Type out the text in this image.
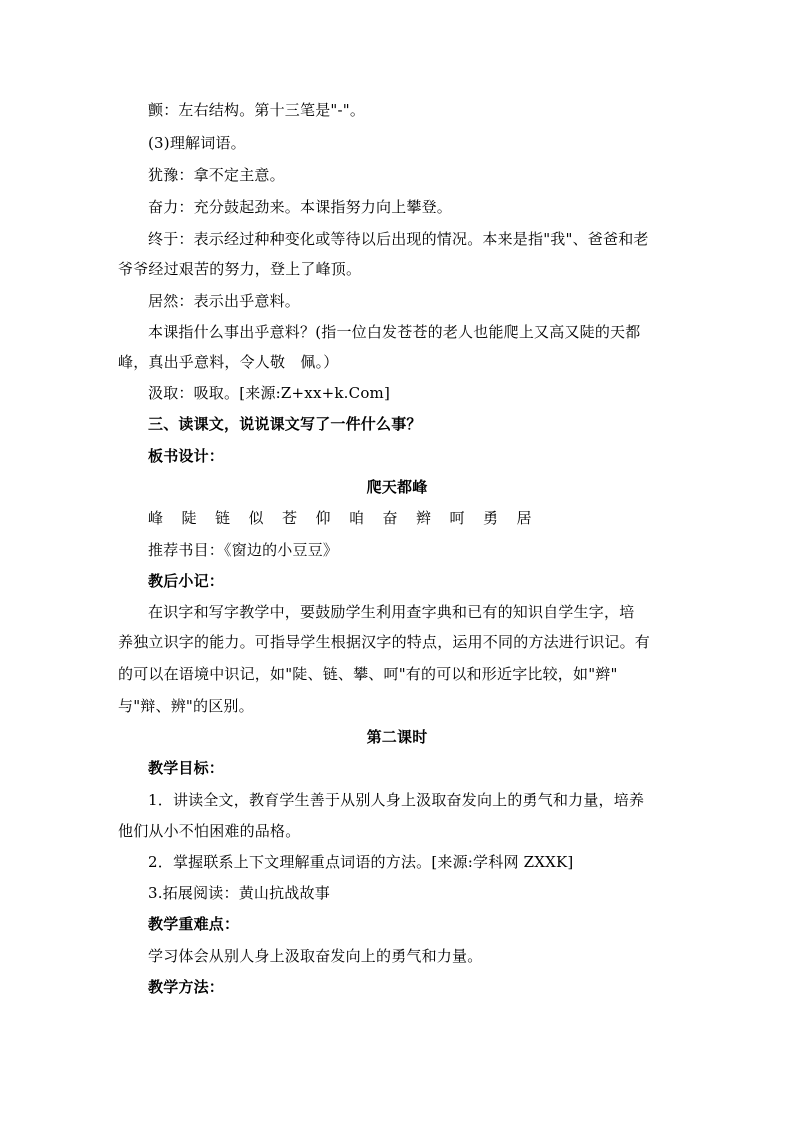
颤：左右结构。第十三笔是"-"。
(3)理解词语。
犹豫：拿不定主意。
奋力：充分鼓起劲来。本课指努力向上攀登。
终于：表示经过种种变化或等待以后出现的情况。本来是指"我"、爸爸和老
爷爷经过艰苦的努力，登上了峰顶。
居然：表示出乎意料。
本课指什么事出乎意料？(指一位白发苍苍的老人也能爬上又高又陡的天都
峰，真出乎意料，令人敬　佩。）
汲取：吸取。[来源:Z+xx+k.Com]
三、读课文，说说课文写了一件什么事？
板书设计：
爬天都峰
峰 陡 链 似 苍 仰 咱 奋 辫 呵 勇 居
推荐书目：《窗边的小豆豆》
教后小记：
在识字和写字教学中，要鼓励学生利用查字典和已有的知识自学生字，培
养独立识字的能力。可指导学生根据汉字的特点，运用不同的方法进行识记。有
的可以在语境中识记，如"陡、链、攀、呵"有的可以和形近字比较，如"辫"
与"辩、辨"的区别。
第二课时
教学目标：
1．讲读全文，教育学生善于从别人身上汲取奋发向上的勇气和力量，培养
他们从小不怕困难的品格。
2．掌握联系上下文理解重点词语的方法。[来源:学科网 ZXXK]
3.拓展阅读：黄山抗战故事
教学重难点：
学习体会从别人身上汲取奋发向上的勇气和力量。
教学方法：
